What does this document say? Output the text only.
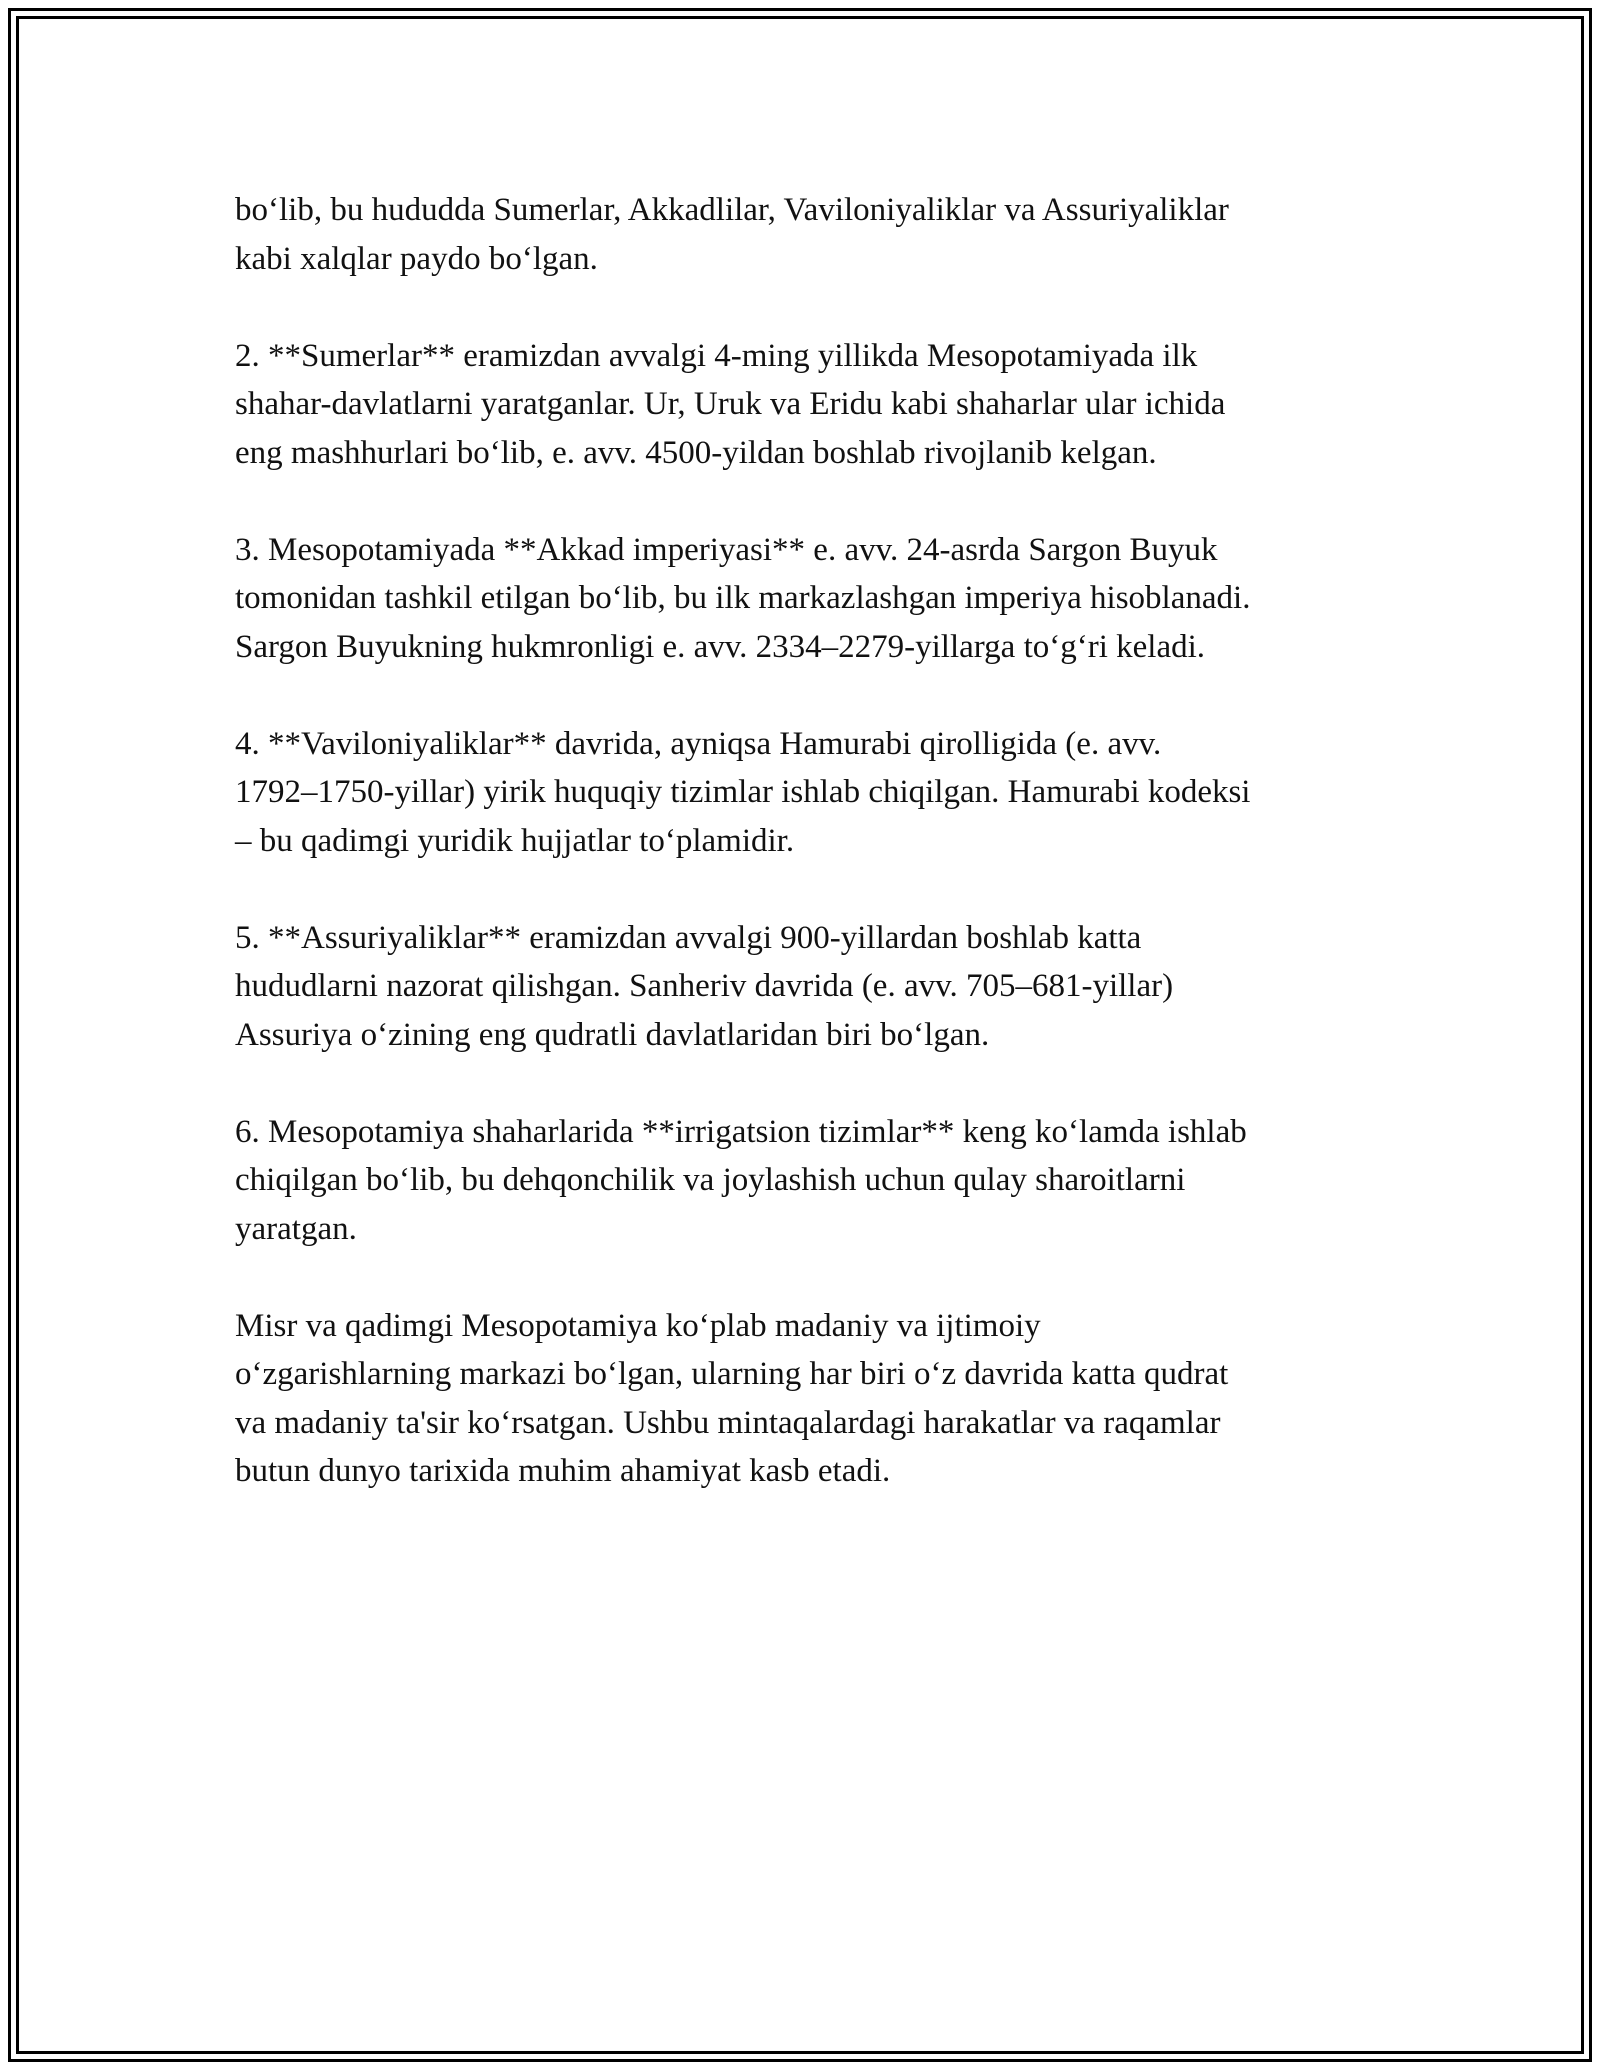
bo‘lib, bu hududda Sumerlar, Akkadlilar, Vaviloniyaliklar va Assuriyaliklar
kabi xalqlar paydo bo‘lgan.

2. **Sumerlar** eramizdan avvalgi 4-ming yillikda Mesopotamiyada ilk
shahar-davlatlarni yaratganlar. Ur, Uruk va Eridu kabi shaharlar ular ichida
eng mashhurlari bo‘lib, e. avv. 4500-yildan boshlab rivojlanib kelgan.

3. Mesopotamiyada **Akkad imperiyasi** e. avv. 24-asrda Sargon Buyuk
tomonidan tashkil etilgan bo‘lib, bu ilk markazlashgan imperiya hisoblanadi.
Sargon Buyukning hukmronligi e. avv. 2334–2279-yillarga to‘g‘ri keladi.

4. **Vaviloniyaliklar** davrida, ayniqsa Hamurabi qirolligida (e. avv.
1792–1750-yillar) yirik huquqiy tizimlar ishlab chiqilgan. Hamurabi kodeksi
– bu qadimgi yuridik hujjatlar to‘plamidir.

5. **Assuriyaliklar** eramizdan avvalgi 900-yillardan boshlab katta
hududlarni nazorat qilishgan. Sanheriv davrida (e. avv. 705–681-yillar)
Assuriya o‘zining eng qudratli davlatlaridan biri bo‘lgan.

6. Mesopotamiya shaharlarida **irrigatsion tizimlar** keng ko‘lamda ishlab
chiqilgan bo‘lib, bu dehqonchilik va joylashish uchun qulay sharoitlarni
yaratgan.

Misr va qadimgi Mesopotamiya ko‘plab madaniy va ijtimoiy
o‘zgarishlarning markazi bo‘lgan, ularning har biri o‘z davrida katta qudrat
va madaniy ta'sir ko‘rsatgan. Ushbu mintaqalardagi harakatlar va raqamlar
butun dunyo tarixida muhim ahamiyat kasb etadi.
